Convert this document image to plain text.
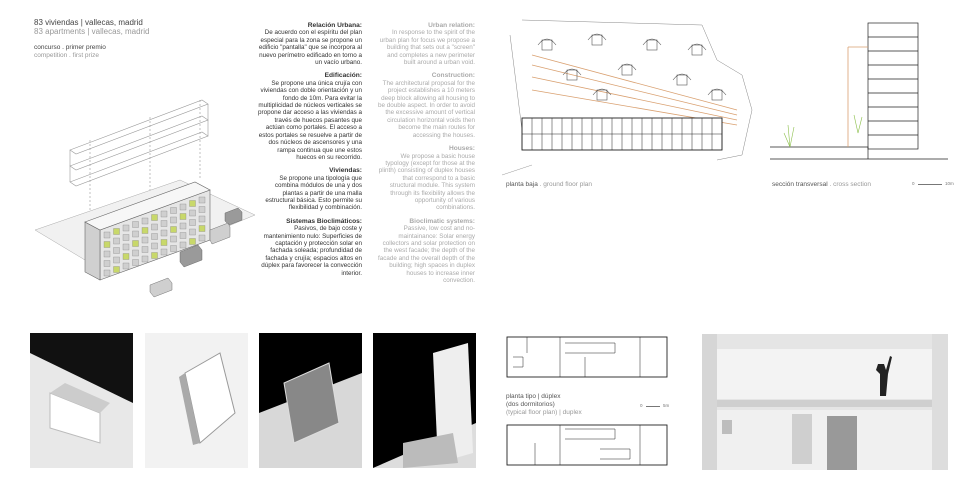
83 viviendas | vallecas, madrid
83 apartments | vallecas, madrid
concurso . primer premio
competition . first prize
Relación Urbana:

De acuerdo con el espíritu del plan especial para la zona se propone un edificio "pantalla" que se incorpora al nuevo perímetro edificado en torno a un vacío urbano.

Edificación:

Se propone una única crujía con viviendas con doble orientación y un fondo de 10m. Para evitar la multiplicidad de núcleos verticales se propone dar acceso a las viviendas a través de huecos pasantes que actúan como portales. El acceso a estos portales se resuelve a partir de dos núcleos de ascensores y una rampa continua que une estos huecos en su recorrido.

Viviendas:

Se propone una tipología que combina módulos de una y dos plantas a partir de una malla estructural básica. Esto permite su flexibilidad y combinación.

Sistemas Bioclimáticos:

Pasivos, de bajo coste y mantenimiento nulo: Superficies de captación y protección solar en fachada soleada; profundidad de fachada y crujía; espacios altos en dúplex para favorecer la convección interior.

Urban relation:

In response to the spirit of the urban plan for focus we propose a building that sets out a "screen" and completes a new perimeter built around a urban void.

Construction:

The architectural proposal for the project establishes a 10 meters deep block allowing all housing to be double aspect. In order to avoid the excessive amount of vertical circulation horizontal voids then become the main routes for accessing the houses.

Houses:

We propose a basic house typology (except for those at the plinth) consisting of duplex houses that correspond to a basic structural module. This system through its flexibility allows the opportunity of various combinations.

Bioclimatic systems:

Passive, low cost and no-maintainance: Solar energy collectors and solar protection on the west facade; the depth of the facade and the overall depth of the building; high spaces in duplex houses to increase inner convection.

planta baja . ground floor plan	sección transversal . cross section	0	10m
planta tipo | dúplex
(dos dormitorios)
(typical floor plan) | duplex
0	5m
